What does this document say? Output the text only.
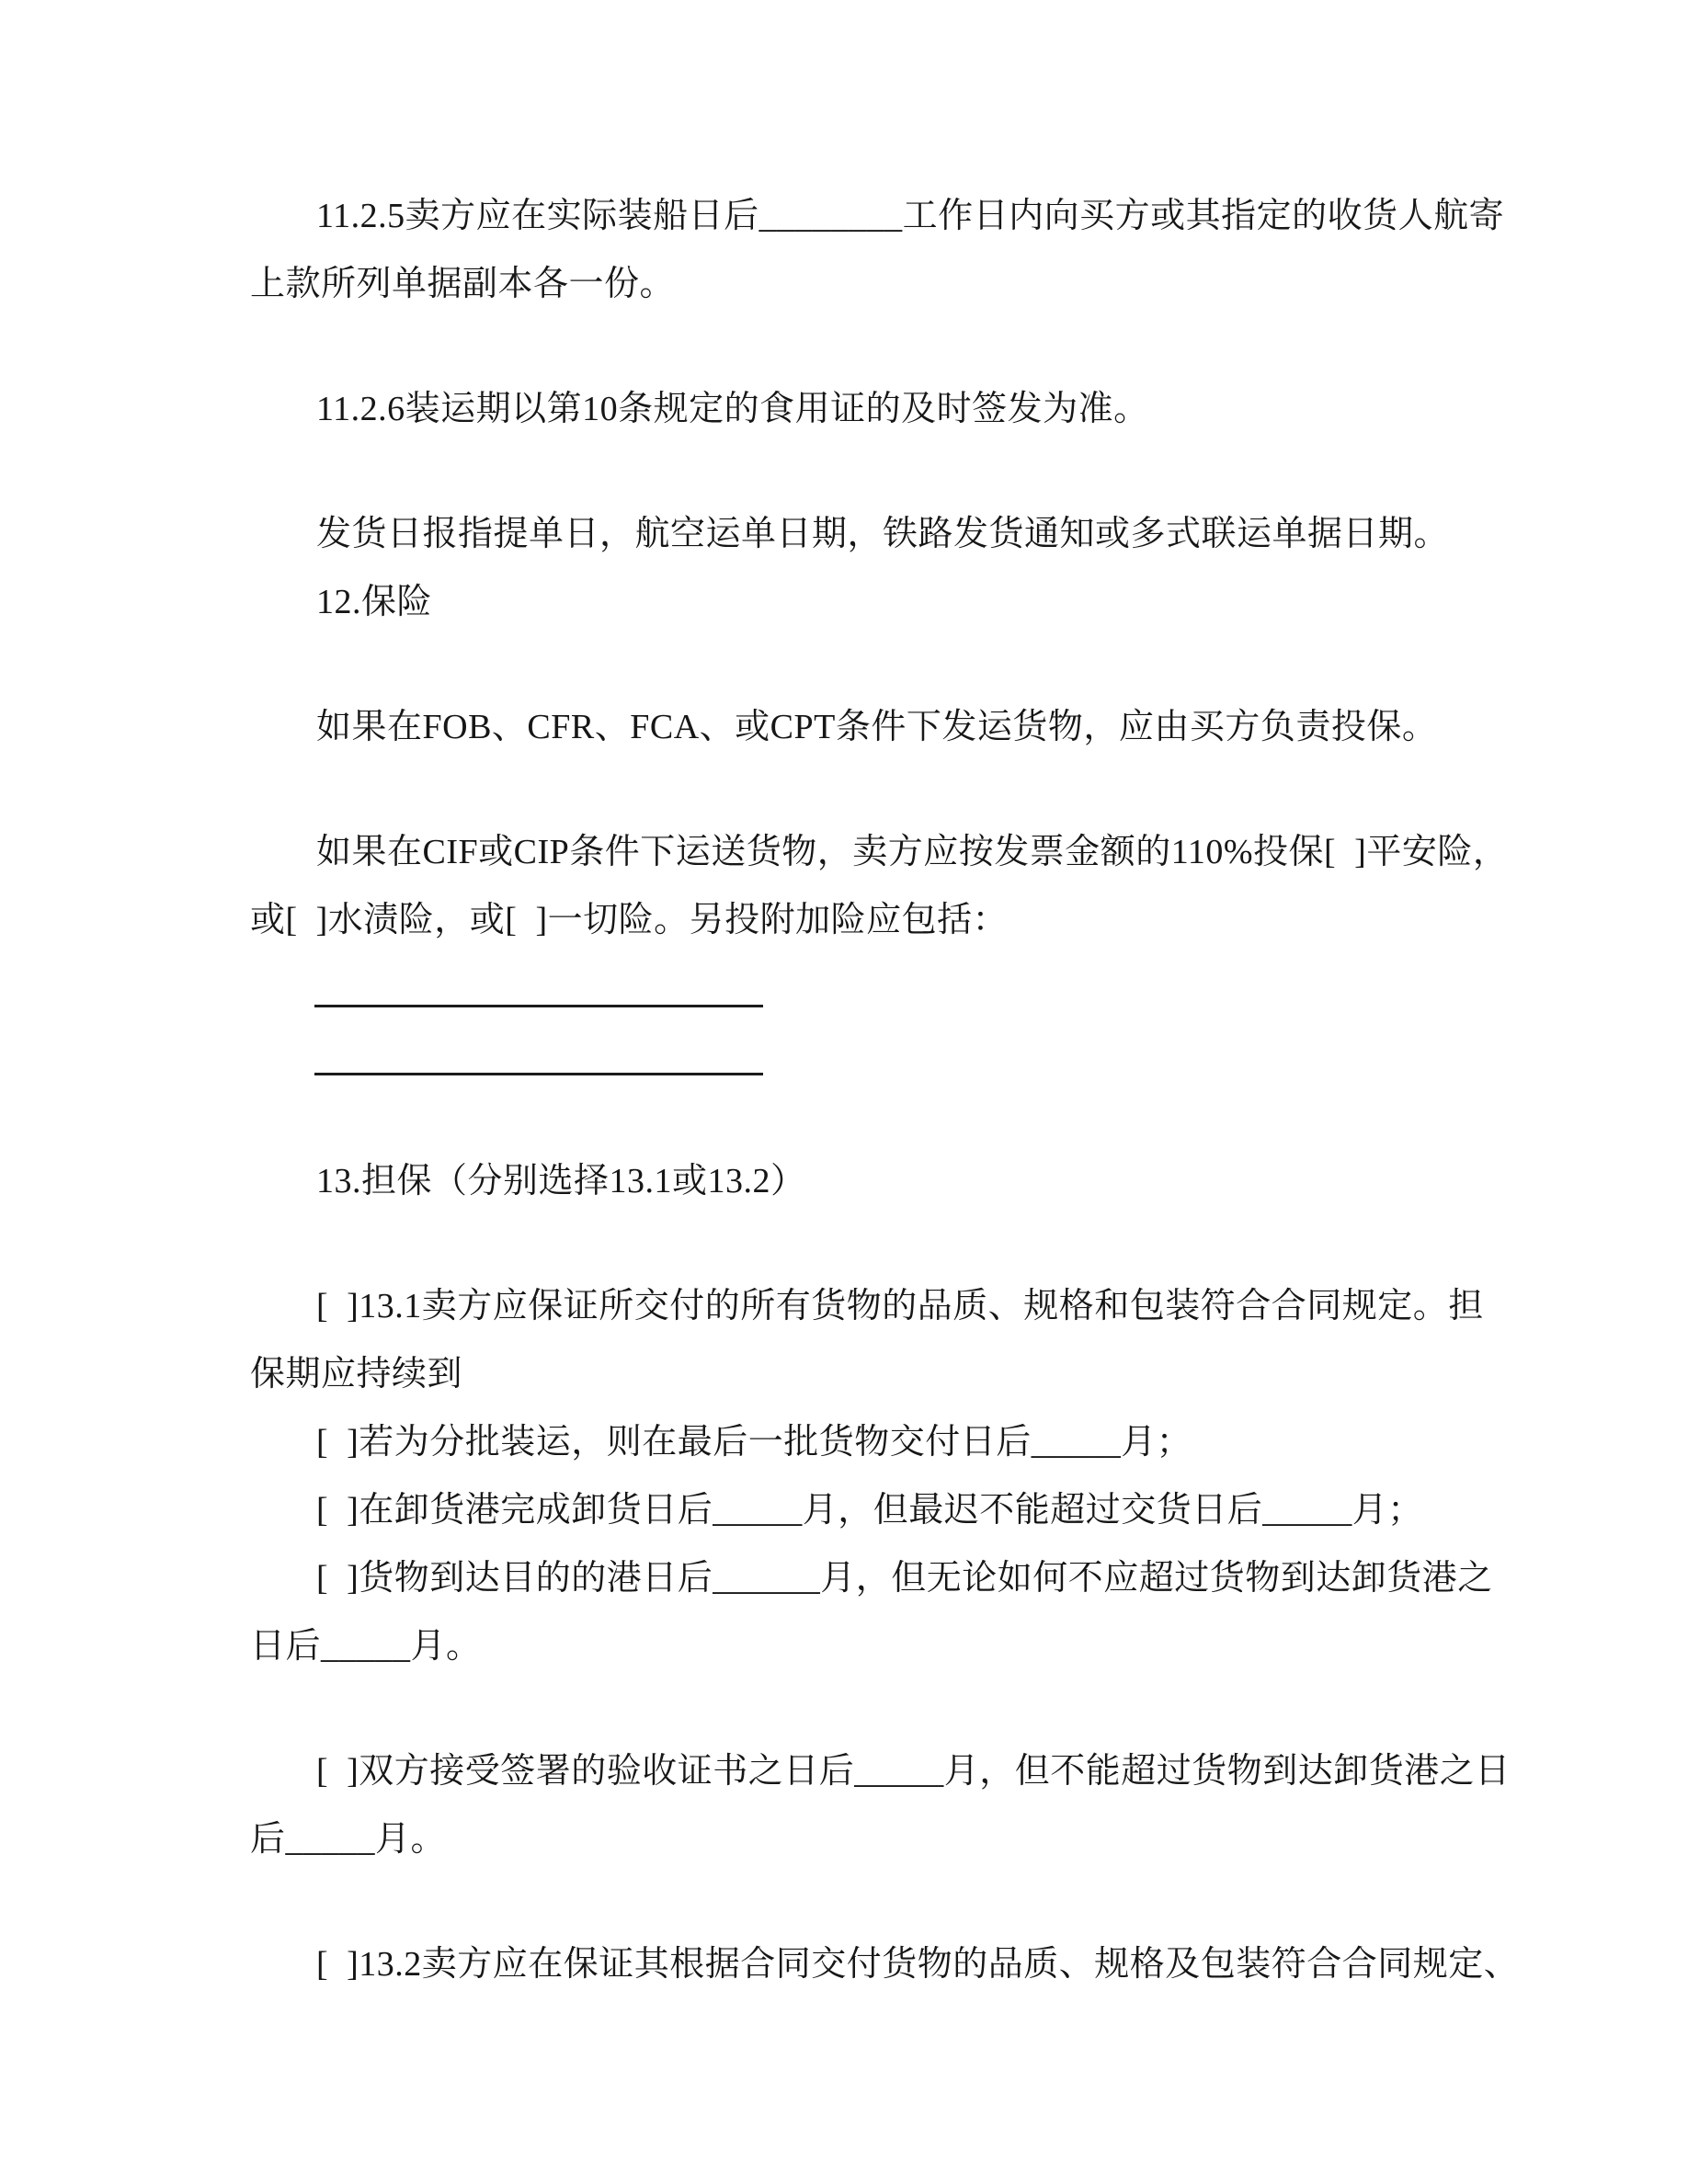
11.2.5卖方应在实际装船日后________工作日内向买方或其指定的收货人航寄

上款所列单据副本各一份。

11.2.6装运期以第10条规定的食用证的及时签发为准。

发货日报指提单日，航空运单日期，铁路发货通知或多式联运单据日期。

12.保险

如果在FOB、CFR、FCA、或CPT条件下发运货物，应由买方负责投保。

如果在CIF或CIP条件下运送货物，卖方应按发票金额的110%投保[  ]平安险，

或[  ]水渍险，或[  ]一切险。另投附加险应包括：

13.担保（分别选择13.1或13.2）

[  ]13.1卖方应保证所交付的所有货物的品质、规格和包装符合合同规定。担

保期应持续到

[  ]若为分批装运，则在最后一批货物交付日后_____月；

[  ]在卸货港完成卸货日后_____月，但最迟不能超过交货日后_____月；

[  ]货物到达目的的港日后______月，但无论如何不应超过货物到达卸货港之

日后_____月。

[  ]双方接受签署的验收证书之日后_____月，但不能超过货物到达卸货港之日

后_____月。

[  ]13.2卖方应在保证其根据合同交付货物的品质、规格及包装符合合同规定、
